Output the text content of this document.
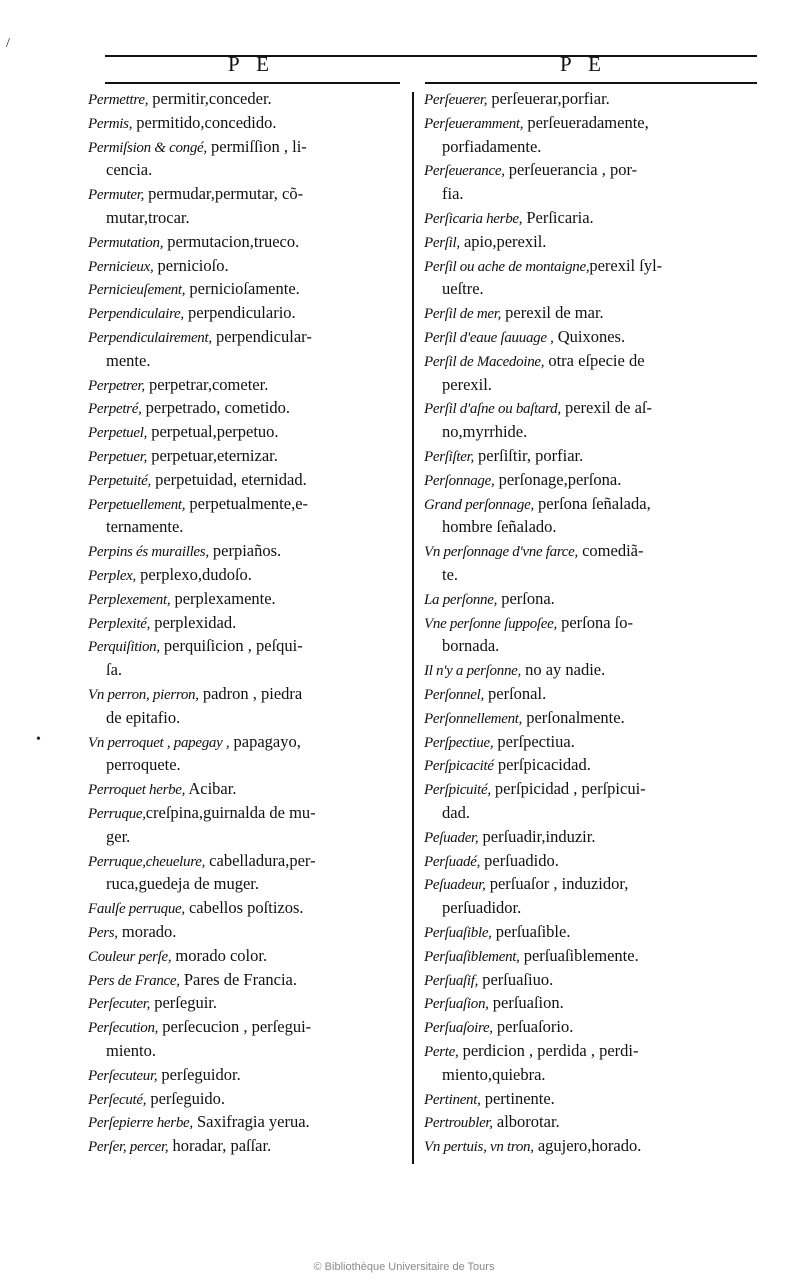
/
•
P E	P E
Permettre, permitir,conceder.
Permis, permitido,concedido.
Permiſsion & congé, permiſſion , li-
cencia.
Permuter, permudar,permutar, cõ-
mutar,trocar.
Permutation, permutacion,trueco.
Pernicieux, pernicioſo.
Pernicieuſement, pernicioſamente.
Perpendiculaire, perpendiculario.
Perpendiculairement, perpendicular-
mente.
Perpetrer, perpetrar,cometer.
Perpetré, perpetrado, cometido.
Perpetuel, perpetual,perpetuo.
Perpetuer, perpetuar,eternizar.
Perpetuité, perpetuidad, eternidad.
Perpetuellement, perpetualmente,e-
ternamente.
Perpins és murailles, perpiaños.
Perplex, perplexo,dudoſo.
Perplexement, perplexamente.
Perplexité, perplexidad.
Perquiſition, perquiſicion , peſqui-
ſa.
Vn perron, pierron, padron , piedra
de epitafio.
Vn perroquet , papegay , papagayo,
perroquete.
Perroquet herbe, Acibar.
Perruque,creſpina,guirnalda de mu-
ger.
Perruque,cheuelure, cabelladura,per-
ruca,guedeja de muger.
Faulſe perruque, cabellos poſtizos.
Pers, morado.
Couleur perſe, morado color.
Pers de France, Pares de Francia.
Perſecuter, perſeguir.
Perſecution, perſecucion , perſegui-
miento.
Perſecuteur, perſeguidor.
Perſecuté, perſeguido.
Perſepierre herbe, Saxifragia yerua.
Perſer, percer, horadar, paſſar.
Perſeuerer, perſeuerar,porfiar.
Perſeueramment, perſeueradamente,
porfiadamente.
Perſeuerance, perſeuerancia , por-
fia.
Perſicaria herbe, Perſicaria.
Perſil, apio,perexil.
Perſil ou ache de montaigne,perexil ſyl-
ueſtre.
Perſil de mer, perexil de mar.
Perſil d'eaue ſauuage , Quixones.
Perſil de Macedoine, otra eſpecie de
perexil.
Perſil d'aſne ou baſtard, perexil de aſ-
no,myrrhide.
Perſiſter, perſiſtir, porfiar.
Perſonnage, perſonage,perſona.
Grand perſonnage, perſona ſeñalada,
hombre ſeñalado.
Vn perſonnage d'vne farce, comediã-
te.
La perſonne, perſona.
Vne perſonne ſuppoſee, perſona ſo-
bornada.
Il n'y a perſonne, no ay nadie.
Perſonnel, perſonal.
Perſonnellement, perſonalmente.
Perſpectiue, perſpectiua.
Perſpicacité perſpicacidad.
Perſpicuité, perſpicidad , perſpicui-
dad.
Peſuader, perſuadir,induzir.
Perſuadé, perſuadido.
Peſuadeur, perſuaſor , induzidor,
perſuadidor.
Perſuaſible, perſuaſible.
Perſuaſiblement, perſuaſiblemente.
Perſuaſif, perſuaſiuo.
Perſuaſion, perſuaſion.
Perſuaſoire, perſuaſorio.
Perte, perdicion , perdida , perdi-
miento,quiebra.
Pertinent, pertinente.
Pertroubler, alborotar.
Vn pertuis, vn tron, agujero,horado.
© Bibliothèque Universitaire de Tours
